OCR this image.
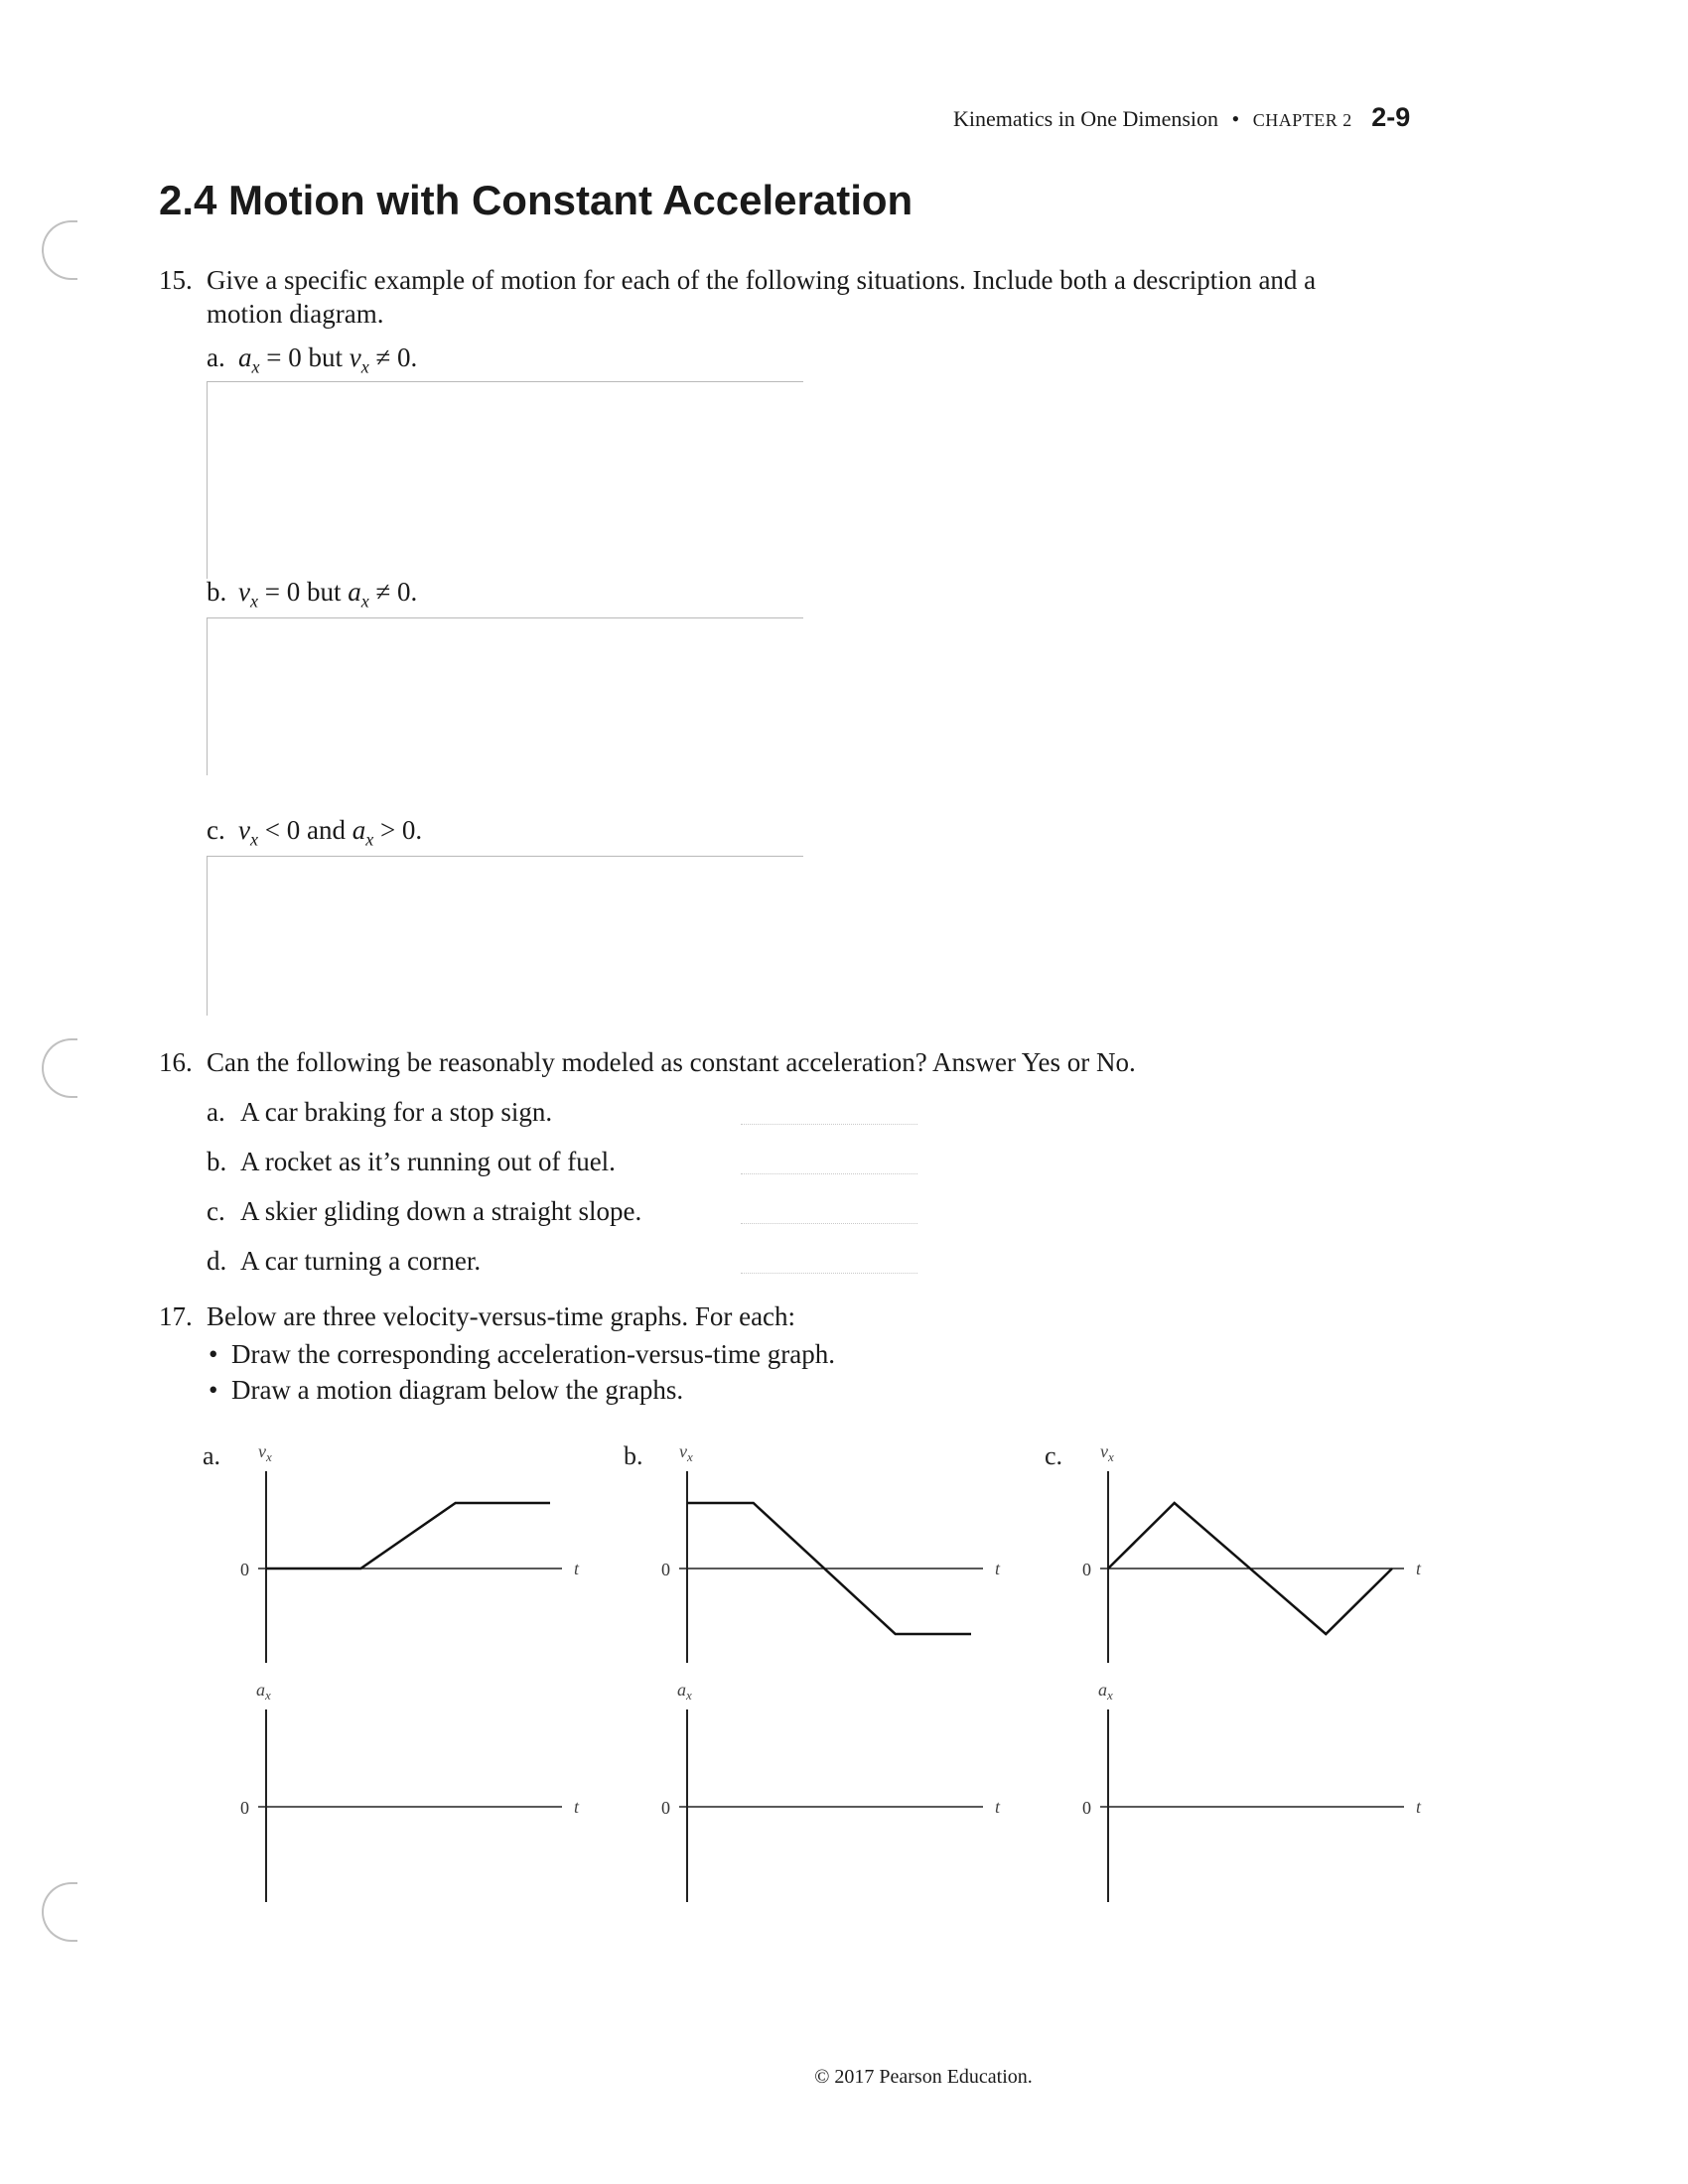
Kinematics in One Dimension • CHAPTER 2 2-9
2.4 Motion with Constant Acceleration
15. Give a specific example of motion for each of the following situations. Include both a description and a
motion diagram.
a. $a_x = 0$ but $v_x \ne 0$.
b. $v_x = 0$ but $a_x \ne 0$.
c. $v_x < 0$ and $a_x > 0$.
16. Can the following be reasonably modeled as constant acceleration? Answer Yes or No.
a. A car braking for a stop sign.
b. A rocket as it’s running out of fuel.
c. A skier gliding down a straight slope.
d. A car turning a corner.
17. Below are three velocity-versus-time graphs. For each:
•  Draw the corresponding acceleration-versus-time graph.
•  Draw a motion diagram below the graphs.
a. $v_x$
0	t
$a_x$
0	t
b. $v_x$
0	t
$a_x$
0	t
c. $v_x$
0	t
$a_x$
0	t
© 2017 Pearson Education.
